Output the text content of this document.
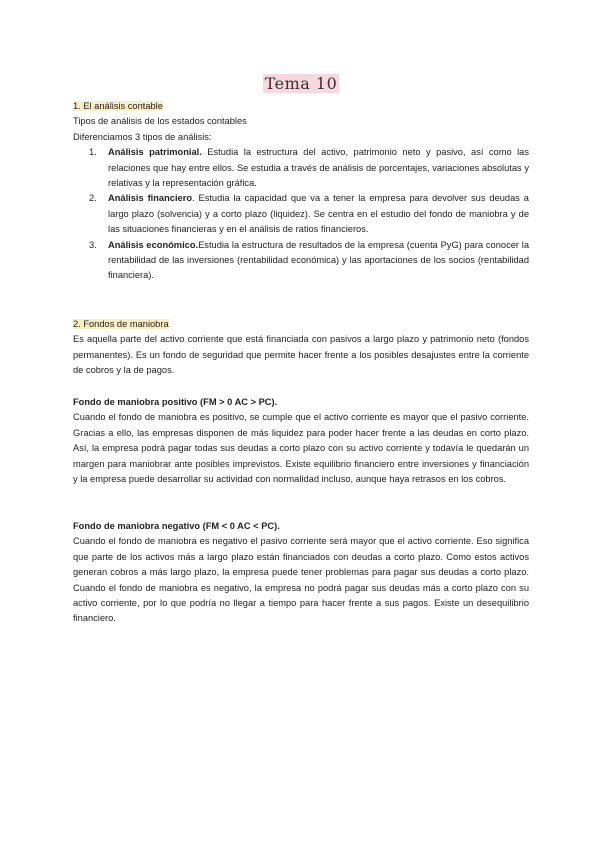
Tema 10
1. El análisis contable
Tipos de análisis de los estados contables
Diferenciamos 3 tipos de análisis:
Análisis patrimonial. Estudia la estructura del activo, patrimonio neto y pasivo, así como las relaciones que hay entre ellos. Se estudia a través de análisis de porcentajes, variaciones absolutas y relativas y la representación gráfica.
Análisis financiero. Estudia la capacidad que va a tener la empresa para devolver sus deudas a largo plazo (solvencia) y a corto plazo (liquidez). Se centra en el estudio del fondo de maniobra y de las situaciones financieras y en el análisis de ratios financieros.
Análisis económico.Estudia la estructura de resultados de la empresa (cuenta PyG) para conocer la rentabilidad de las inversiones (rentabilidad económica) y las aportaciones de los socios (rentabilidad financiera).
2. Fondos de maniobra

Es aquella parte del activo corriente que está financiada con pasivos a largo plazo y patrimonio neto (fondos permanentes). Es un fondo de seguridad que permite hacer frente a los posibles desajustes entre la corriente de cobros y la de pagos.

Fondo de maniobra positivo (FM > 0 AC > PC).

Cuando el fondo de maniobra es positivo, se cumple que el activo corriente es mayor que el pasivo corriente. Gracias a ello, las empresas disponen de más liquidez para poder hacer frente a las deudas en corto plazo. Así, la empresa podrá pagar todas sus deudas a corto plazo con su activo corriente y todavía le quedarán un margen para maniobrar ante posibles imprevistos. Existe equilibrio financiero entre inversiones y financiación y la empresa puede desarrollar su actividad con normalidad incluso, aunque haya retrasos en los cobros.

Fondo de maniobra negativo (FM < 0 AC < PC).

Cuando el fondo de maniobra es negativo el pasivo corriente será mayor que el activo corriente. Eso significa que parte de los activos más a largo plazo están financiados con deudas a corto plazo. Como estos activos generan cobros a más largo plazo, la empresa puede tener problemas para pagar sus deudas a corto plazo. Cuando el fondo de maniobra es negativo, la empresa no podrá pagar sus deudas más a corto plazo con su activo corriente, por lo que podría no llegar a tiempo para hacer frente a sus pagos. Existe un desequilibrio financiero.
